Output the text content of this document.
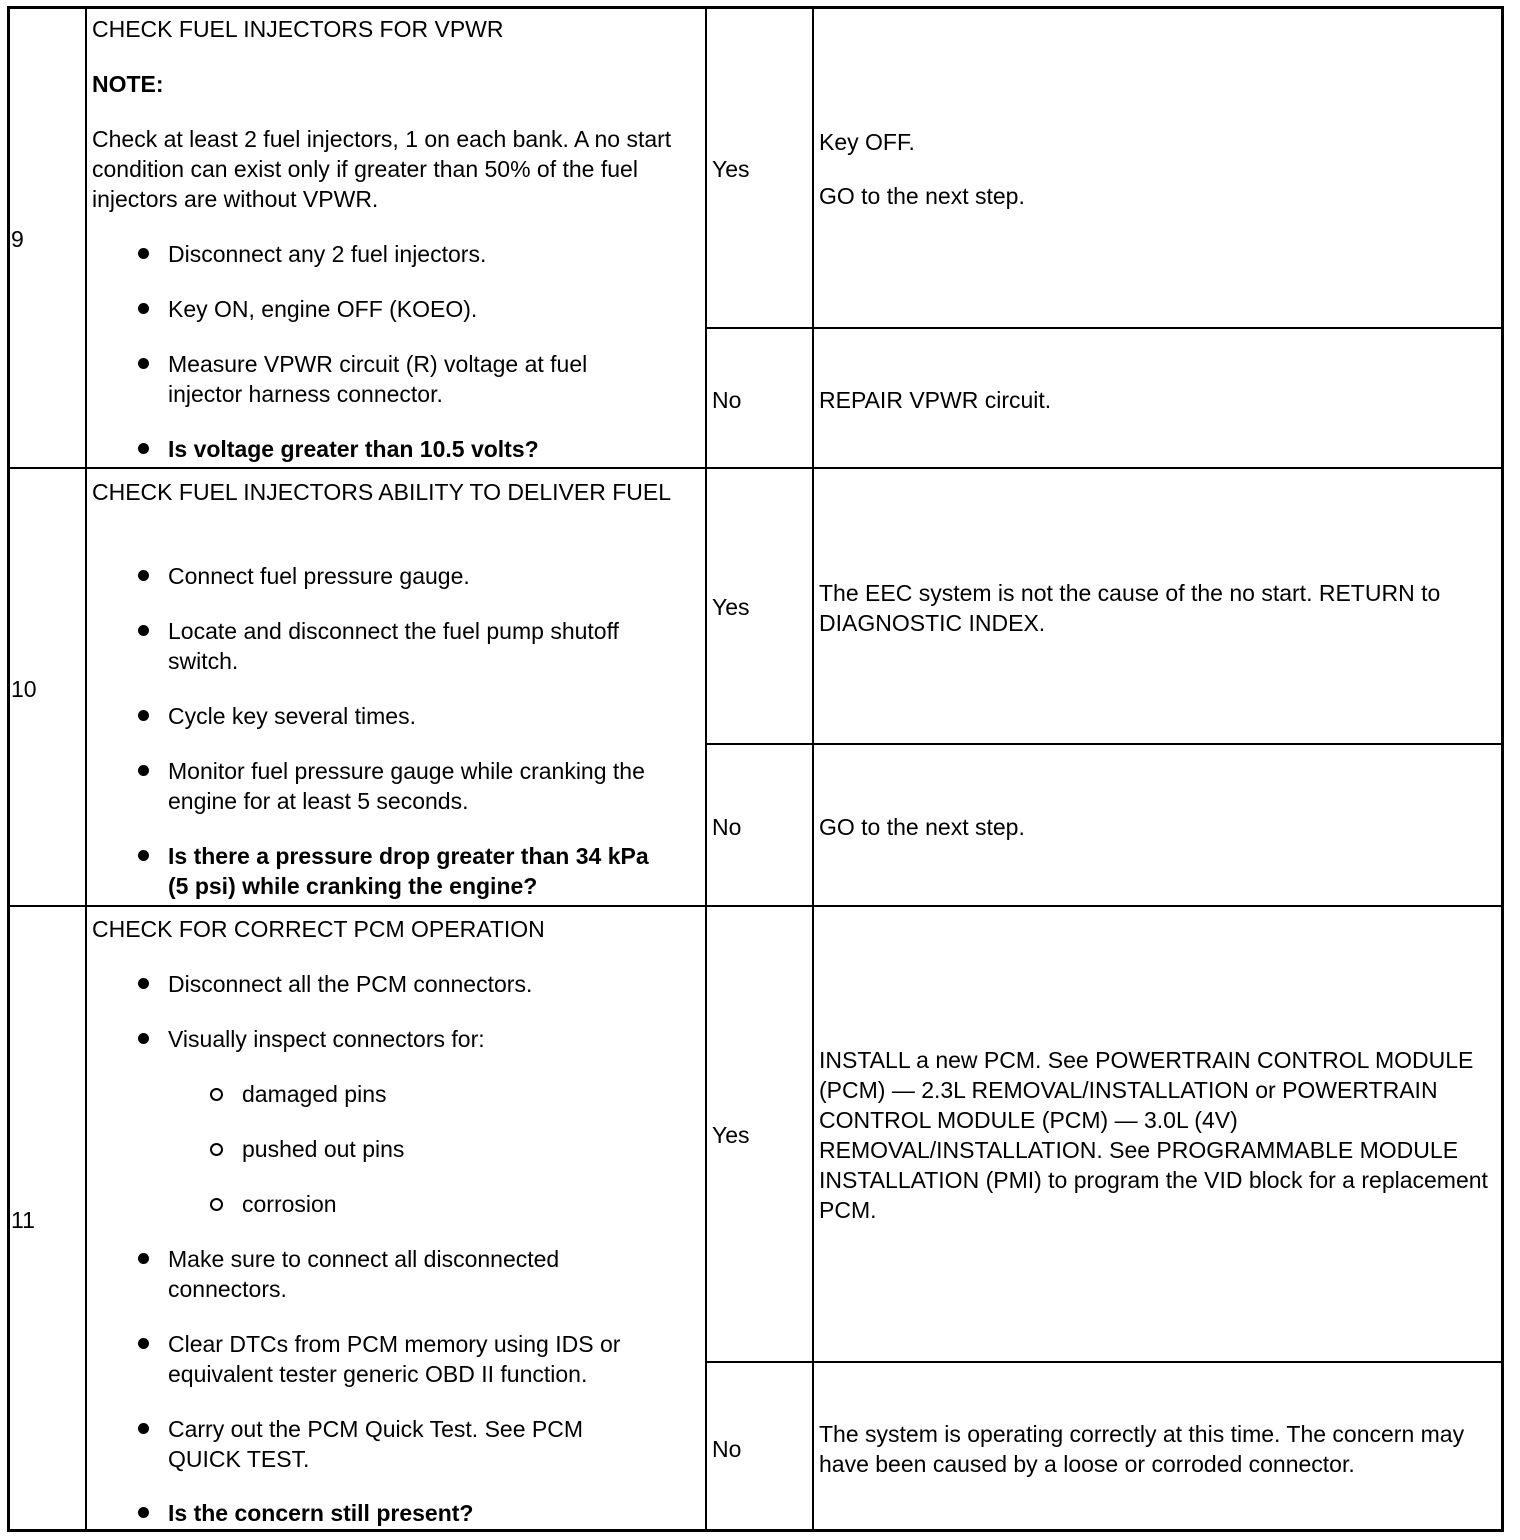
9
CHECK FUEL INJECTORS FOR VPWR
NOTE:
Check at least 2 fuel injectors, 1 on each bank. A no start condition can exist only if greater than 50% of the fuel injectors are without VPWR.
Disconnect any 2 fuel injectors.
Key ON, engine OFF (KOEO).
Measure VPWR circuit (R) voltage at fuel injector harness connector.
Is voltage greater than 10.5 volts?
Yes
Key OFF.
GO to the next step.
No	REPAIR VPWR circuit.
10
CHECK FUEL INJECTORS ABILITY TO DELIVER FUEL
Connect fuel pressure gauge.
Locate and disconnect the fuel pump shutoff switch.
Cycle key several times.
Monitor fuel pressure gauge while cranking the engine for at least 5 seconds.
Is there a pressure drop greater than 34 kPa (5 psi) while cranking the engine?
Yes
The EEC system is not the cause of the no start. RETURN to DIAGNOSTIC INDEX.
No	GO to the next step.
11
CHECK FOR CORRECT PCM OPERATION
Disconnect all the PCM connectors.
Visually inspect connectors for:
damaged pins
pushed out pins
corrosion
Make sure to connect all disconnected connectors.
Clear DTCs from PCM memory using IDS or equivalent tester generic OBD II function.
Carry out the PCM Quick Test. See PCM QUICK TEST.
Is the concern still present?
Yes
INSTALL a new PCM. See POWERTRAIN CONTROL MODULE (PCM) — 2.3L REMOVAL/INSTALLATION or POWERTRAIN CONTROL MODULE (PCM) — 3.0L (4V) REMOVAL/INSTALLATION. See PROGRAMMABLE MODULE INSTALLATION (PMI) to program the VID block for a replacement PCM.
No
The system is operating correctly at this time. The concern may have been caused by a loose or corroded connector.
